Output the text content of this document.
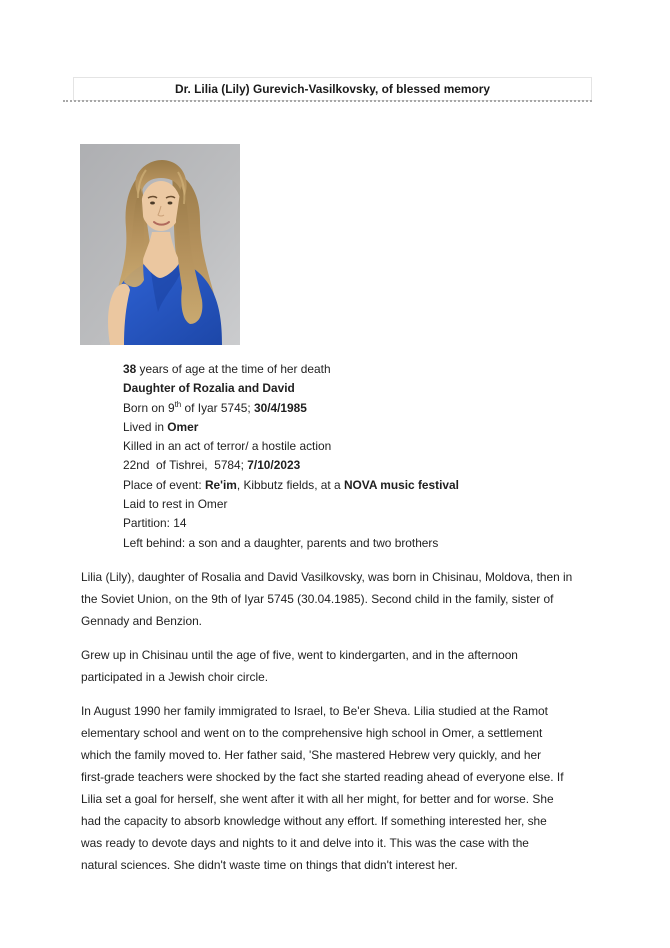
Dr. Lilia (Lily) Gurevich-Vasilkovsky, of blessed memory
38 years of age at the time of her death
Daughter of Rozalia and David
Born on 9th of Iyar 5745; 30/4/1985
Lived in Omer
Killed in an act of terror/ a hostile action
22nd  of Tishrei,  5784; 7/10/2023
Place of event: Re'im, Kibbutz fields, at a NOVA music festival
Laid to rest in Omer
Partition: 14
Left behind: a son and a daughter, parents and two brothers
Lilia (Lily), daughter of Rosalia and David Vasilkovsky, was born in Chisinau, Moldova, then in
the Soviet Union, on the 9th of Iyar 5745 (30.04.1985). Second child in the family, sister of
Gennady and Benzion.
Grew up in Chisinau until the age of five, went to kindergarten, and in the afternoon
participated in a Jewish choir circle.
In August 1990 her family immigrated to Israel, to Be'er Sheva. Lilia studied at the Ramot
elementary school and went on to the comprehensive high school in Omer, a settlement
which the family moved to. Her father said, 'She mastered Hebrew very quickly, and her
first-grade teachers were shocked by the fact she started reading ahead of everyone else. If
Lilia set a goal for herself, she went after it with all her might, for better and for worse. She
had the capacity to absorb knowledge without any effort. If something interested her, she
was ready to devote days and nights to it and delve into it. This was the case with the
natural sciences. She didn't waste time on things that didn't interest her.
